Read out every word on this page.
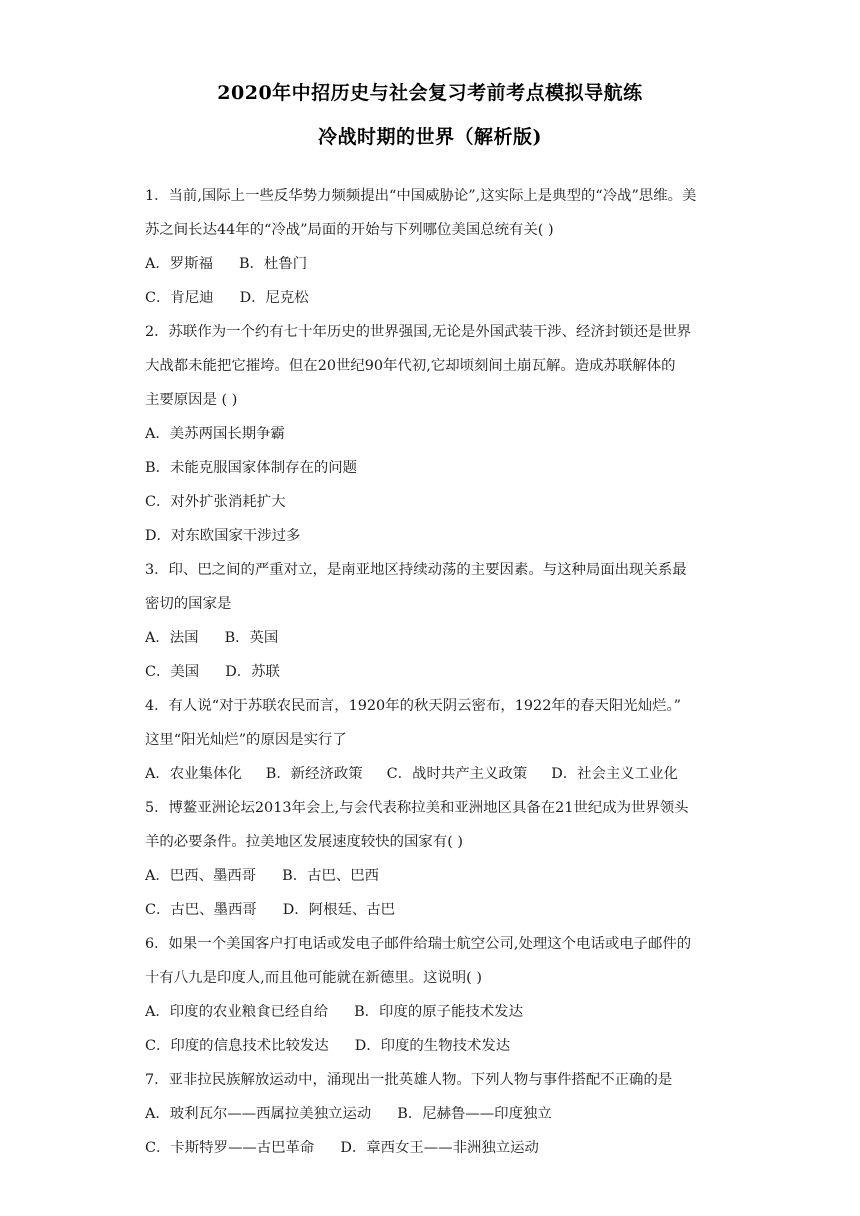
2020年中招历史与社会复习考前考点模拟导航练
冷战时期的世界（解析版)
1．当前,国际上一些反华势力频频提出“中国威胁论”,这实际上是典型的“冷战”思维。美
苏之间长达44年的“冷战”局面的开始与下列哪位美国总统有关( )
A．罗斯福 B．杜鲁门
C．肯尼迪 D．尼克松
2．苏联作为一个约有七十年历史的世界强国,无论是外国武装干涉、经济封锁还是世界
大战都未能把它摧垮。但在20世纪90年代初,它却顷刻间土崩瓦解。造成苏联解体的
主要原因是 ( )
A．美苏两国长期争霸
B．未能克服国家体制存在的问题
C．对外扩张消耗扩大
D．对东欧国家干涉过多
3．印、巴之间的严重对立，是南亚地区持续动荡的主要因素。与这种局面出现关系最
密切的国家是
A．法国 B．英国
C．美国 D．苏联
4．有人说“对于苏联农民而言，1920年的秋天阴云密布，1922年的春天阳光灿烂。”
这里“阳光灿烂”的原因是实行了
A．农业集体化 B．新经济政策 C．战时共产主义政策 D．社会主义工业化
5．博鳌亚洲论坛2013年会上,与会代表称拉美和亚洲地区具备在21世纪成为世界领头
羊的必要条件。拉美地区发展速度较快的国家有( )
A．巴西、墨西哥 B．古巴、巴西
C．古巴、墨西哥 D．阿根廷、古巴
6．如果一个美国客户打电话或发电子邮件给瑞士航空公司,处理这个电话或电子邮件的
十有八九是印度人,而且他可能就在新德里。这说明( )
A．印度的农业粮食已经自给 B．印度的原子能技术发达
C．印度的信息技术比较发达 D．印度的生物技术发达
7．亚非拉民族解放运动中，涌现出一批英雄人物。下列人物与事件搭配不正确的是
A．玻利瓦尔——西属拉美独立运动 B．尼赫鲁——印度独立
C．卡斯特罗——古巴革命 D．章西女王——非洲独立运动
